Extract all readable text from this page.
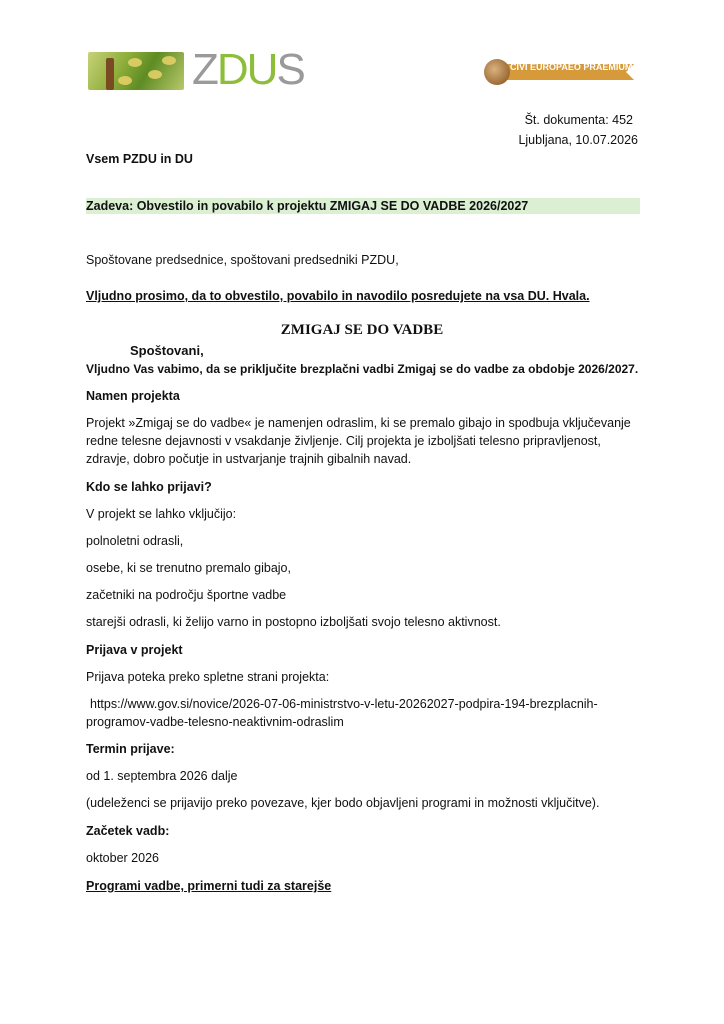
ZDUS	CIVI EUROPAEO PRAEMIUM
Št. dokumenta: 452
Ljubljana, 10.07.2026
Vsem PZDU in DU
Zadeva: Obvestilo in povabilo k projektu ZMIGAJ SE DO VADBE 2026/2027
Spoštovane predsednice, spoštovani predsedniki PZDU,
Vljudno prosimo, da to obvestilo, povabilo in navodilo posredujete na vsa DU. Hvala.
ZMIGAJ SE DO VADBE
Spoštovani,
Vljudno Vas vabimo, da se priključite brezplačni vadbi Zmigaj se do vadbe za obdobje 2026/2027.
Namen projekta
Projekt »Zmigaj se do vadbe« je namenjen odraslim, ki se premalo gibajo in spodbuja vključevanje
redne telesne dejavnosti v vsakdanje življenje. Cilj projekta je izboljšati telesno pripravljenost,
zdravje, dobro počutje in ustvarjanje trajnih gibalnih navad.
Kdo se lahko prijavi?
V projekt se lahko vključijo:
polnoletni odrasli,
osebe, ki se trenutno premalo gibajo,
začetniki na področju športne vadbe
starejši odrasli, ki želijo varno in postopno izboljšati svojo telesno aktivnost.
Prijava v projekt
Prijava poteka preko spletne strani projekta:
https://www.gov.si/novice/2026-07-06-ministrstvo-v-letu-20262027-podpira-194-brezplacnih-
programov-vadbe-telesno-neaktivnim-odraslim
Termin prijave:
od 1. septembra 2026 dalje
(udeleženci se prijavijo preko povezave, kjer bodo objavljeni programi in možnosti vključitve).
Začetek vadb:
oktober 2026
Programi vadbe, primerni tudi za starejše
